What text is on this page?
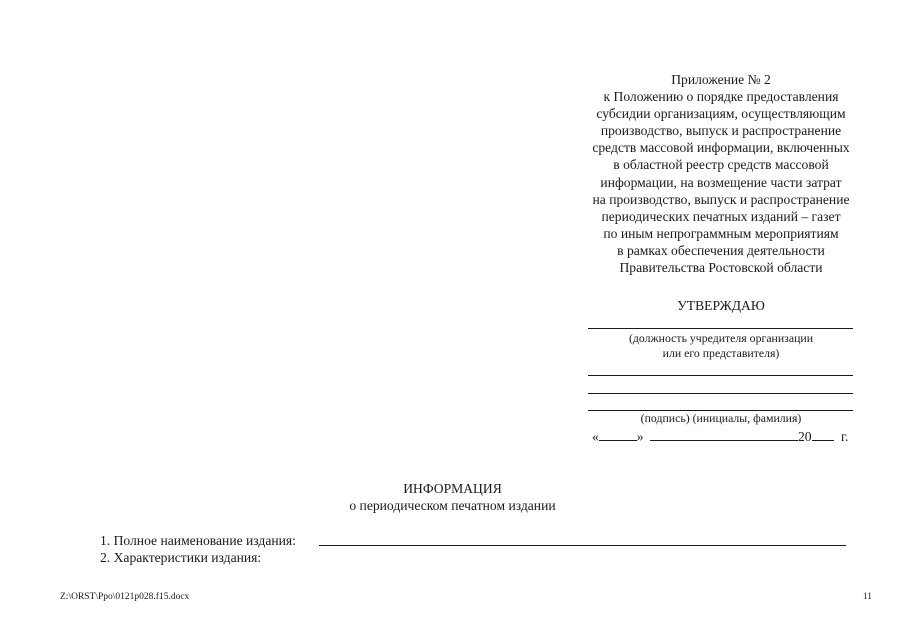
Приложение № 2
к Положению о порядке предоставления
субсидии организациям, осуществляющим
производство, выпуск и распространение
средств массовой информации, включенных
в областной реестр средств массовой
информации, на возмещение части затрат
на производство, выпуск и распространение
периодических печатных изданий – газет
по иным непрограммным мероприятиям
в рамках обеспечения деятельности
Правительства Ростовской области
УТВЕРЖДАЮ
(должность учредителя организации
или его представителя)
(подпись) (инициалы, фамилия)
«	»	20 г.
ИНФОРМАЦИЯ
о периодическом печатном издании
1. Полное наименование издания:
2. Характеристики издания:
Z:\ORST\Ppo\0121p028.f15.docx	11
